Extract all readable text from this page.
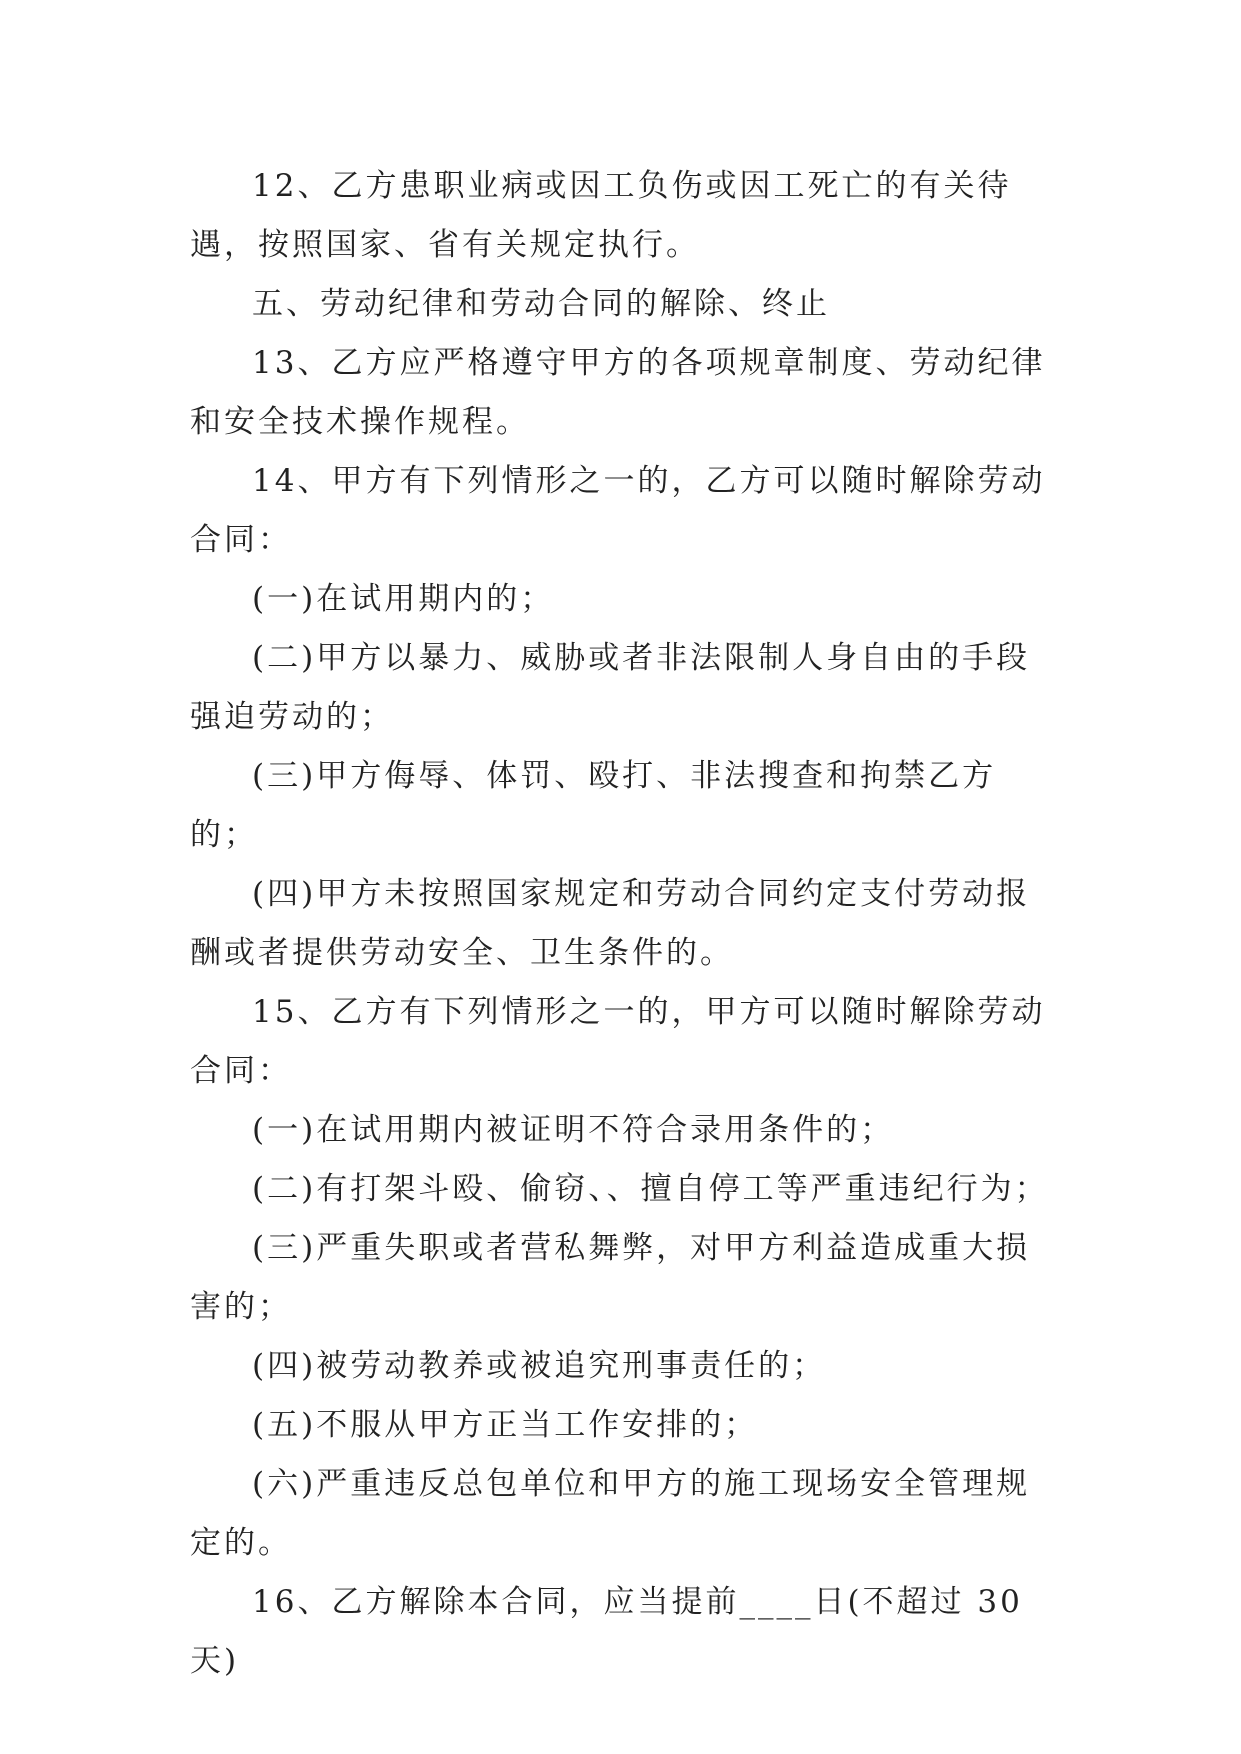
12、乙方患职业病或因工负伤或因工死亡的有关待遇，按照国家、省有关规定执行。

五、劳动纪律和劳动合同的解除、终止

13、乙方应严格遵守甲方的各项规章制度、劳动纪律和安全技术操作规程。

14、甲方有下列情形之一的，乙方可以随时解除劳动合同：

(一)在试用期内的；

(二)甲方以暴力、威胁或者非法限制人身自由的手段强迫劳动的；

(三)甲方侮辱、体罚、殴打、非法搜查和拘禁乙方的；

(四)甲方未按照国家规定和劳动合同约定支付劳动报酬或者提供劳动安全、卫生条件的。

15、乙方有下列情形之一的，甲方可以随时解除劳动合同：

(一)在试用期内被证明不符合录用条件的；

(二)有打架斗殴、偷窃、、擅自停工等严重违纪行为；

(三)严重失职或者营私舞弊，对甲方利益造成重大损害的；

(四)被劳动教养或被追究刑事责任的；

(五)不服从甲方正当工作安排的；

(六)严重违反总包单位和甲方的施工现场安全管理规定的。

16、乙方解除本合同，应当提前____日(不超过 30 天)
